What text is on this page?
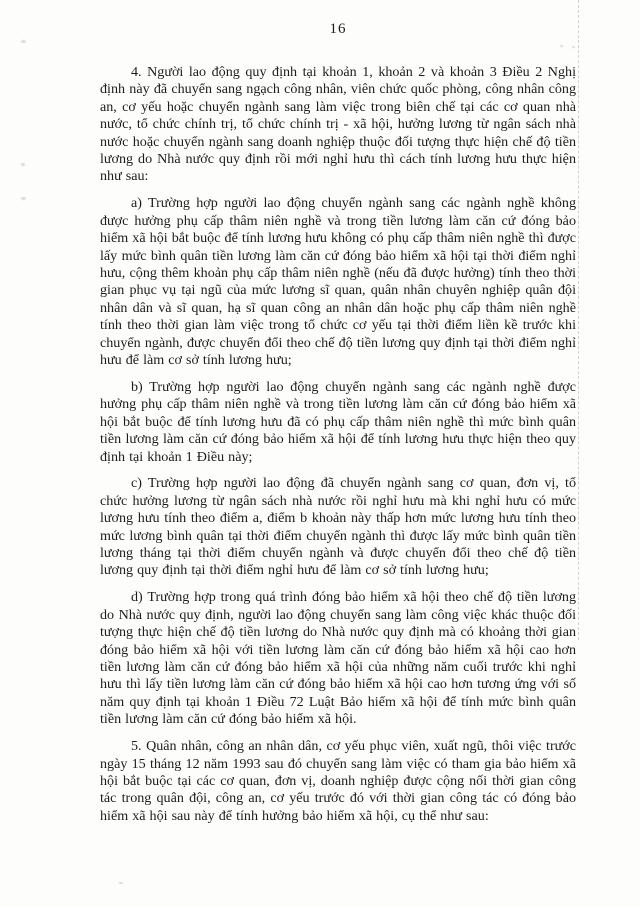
16

4. Người lao động quy định tại khoản 1, khoản 2 và khoản 3 Điều 2 Nghị định này đã chuyển sang ngạch công nhân, viên chức quốc phòng, công nhân công an, cơ yếu hoặc chuyển ngành sang làm việc trong biên chế tại các cơ quan nhà nước, tổ chức chính trị, tổ chức chính trị - xã hội, hưởng lương từ ngân sách nhà nước hoặc chuyển ngành sang doanh nghiệp thuộc đối tượng thực hiện chế độ tiền lương do Nhà nước quy định rồi mới nghỉ hưu thì cách tính lương hưu thực hiện như sau:

a) Trường hợp người lao động chuyển ngành sang các ngành nghề không được hưởng phụ cấp thâm niên nghề và trong tiền lương làm căn cứ đóng bảo hiểm xã hội bắt buộc để tính lương hưu không có phụ cấp thâm niên nghề thì được lấy mức bình quân tiền lương làm căn cứ đóng bảo hiểm xã hội tại thời điểm nghỉ hưu, cộng thêm khoản phụ cấp thâm niên nghề (nếu đã được hưởng) tính theo thời gian phục vụ tại ngũ của mức lương sĩ quan, quân nhân chuyên nghiệp quân đội nhân dân và sĩ quan, hạ sĩ quan công an nhân dân hoặc phụ cấp thâm niên nghề tính theo thời gian làm việc trong tổ chức cơ yếu tại thời điểm liền kề trước khi chuyển ngành, được chuyển đổi theo chế độ tiền lương quy định tại thời điểm nghỉ hưu để làm cơ sở tính lương hưu;

b) Trường hợp người lao động chuyển ngành sang các ngành nghề được hưởng phụ cấp thâm niên nghề và trong tiền lương làm căn cứ đóng bảo hiểm xã hội bắt buộc để tính lương hưu đã có phụ cấp thâm niên nghề thì mức bình quân tiền lương làm căn cứ đóng bảo hiểm xã hội để tính lương hưu thực hiện theo quy định tại khoản 1 Điều này;

c) Trường hợp người lao động đã chuyển ngành sang cơ quan, đơn vị, tổ chức hưởng lương từ ngân sách nhà nước rồi nghỉ hưu mà khi nghỉ hưu có mức lương hưu tính theo điểm a, điểm b khoản này thấp hơn mức lương hưu tính theo mức lương bình quân tại thời điểm chuyển ngành thì được lấy mức bình quân tiền lương tháng tại thời điểm chuyển ngành và được chuyển đổi theo chế độ tiền lương quy định tại thời điểm nghỉ hưu để làm cơ sở tính lương hưu;

d) Trường hợp trong quá trình đóng bảo hiểm xã hội theo chế độ tiền lương do Nhà nước quy định, người lao động chuyển sang làm công việc khác thuộc đối tượng thực hiện chế độ tiền lương do Nhà nước quy định mà có khoảng thời gian đóng bảo hiểm xã hội với tiền lương làm căn cứ đóng bảo hiểm xã hội cao hơn tiền lương làm căn cứ đóng bảo hiểm xã hội của những năm cuối trước khi nghỉ hưu thì lấy tiền lương làm căn cứ đóng bảo hiểm xã hội cao hơn tương ứng với số năm quy định tại khoản 1 Điều 72 Luật Bảo hiểm xã hội để tính mức bình quân tiền lương làm căn cứ đóng bảo hiểm xã hội.

5. Quân nhân, công an nhân dân, cơ yếu phục viên, xuất ngũ, thôi việc trước ngày 15 tháng 12 năm 1993 sau đó chuyển sang làm việc có tham gia bảo hiểm xã hội bắt buộc tại các cơ quan, đơn vị, doanh nghiệp được cộng nối thời gian công tác trong quân đội, công an, cơ yếu trước đó với thời gian công tác có đóng bảo hiểm xã hội sau này để tính hưởng bảo hiểm xã hội, cụ thể như sau:
